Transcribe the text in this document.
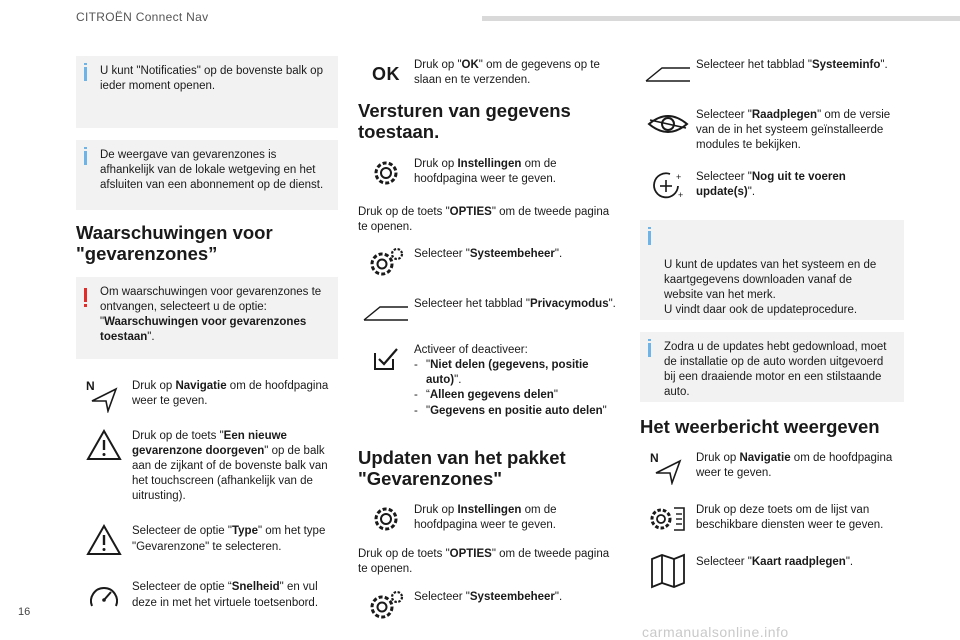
CITROËN Connect Nav
16
carmanualsonline.info
U kunt "Notificaties" op de bovenste balk op ieder moment openen.
De weergave van gevarenzones is afhankelijk van de lokale wetgeving en het afsluiten van een abonnement op de dienst.
Waarschuwingen voor "gevarenzones”
Om waarschuwingen voor gevarenzones te ontvangen, selecteert u de optie: "Waarschuwingen voor gevarenzones toestaan".
N	Druk op Navigatie om de hoofdpagina weer te geven.
Druk op de toets "Een nieuwe gevarenzone doorgeven" op de balk aan de zijkant of de bovenste balk van het touchscreen (afhankelijk van de uitrusting).
Selecteer de optie "Type" om het type "Gevarenzone" te selecteren.
Selecteer de optie “Snelheid" en vul deze in met het virtuele toetsenbord.
OK Druk op "OK" om de gegevens op te slaan en te verzenden.
Versturen van gegevens toestaan.
Druk op Instellingen om de hoofdpagina weer te geven.

Druk op de toets "OPTIES" om de tweede pagina te openen.

Selecteer "Systeembeheer".
Selecteer het tabblad "Privacymodus".
Activeer of deactiveer:
- "Niet delen (gegevens, positie auto)".
- “Alleen gegevens delen"
- "Gegevens en positie auto delen"
Updaten van het pakket "Gevarenzones"
Druk op Instellingen om de hoofdpagina weer te geven.

Druk op de toets "OPTIES" om de tweede pagina te openen.

Selecteer "Systeembeheer".
Selecteer het tabblad "Systeeminfo".
Selecteer "Raadplegen" om de versie van de in het systeem geïnstalleerde modules te bekijken.
+
+
Selecteer "Nog uit te voeren update(s)".

U kunt de updates van het systeem en de kaartgegevens downloaden vanaf de website van het merk.
U vindt daar ook de updateprocedure.

Zodra u de updates hebt gedownload, moet de installatie op de auto worden uitgevoerd bij een draaiende motor en een stilstaande auto.
Het weerbericht weergeven
N	Druk op Navigatie om de hoofdpagina weer te geven.
Druk op deze toets om de lijst van beschikbare diensten weer te geven.
Selecteer "Kaart raadplegen".
